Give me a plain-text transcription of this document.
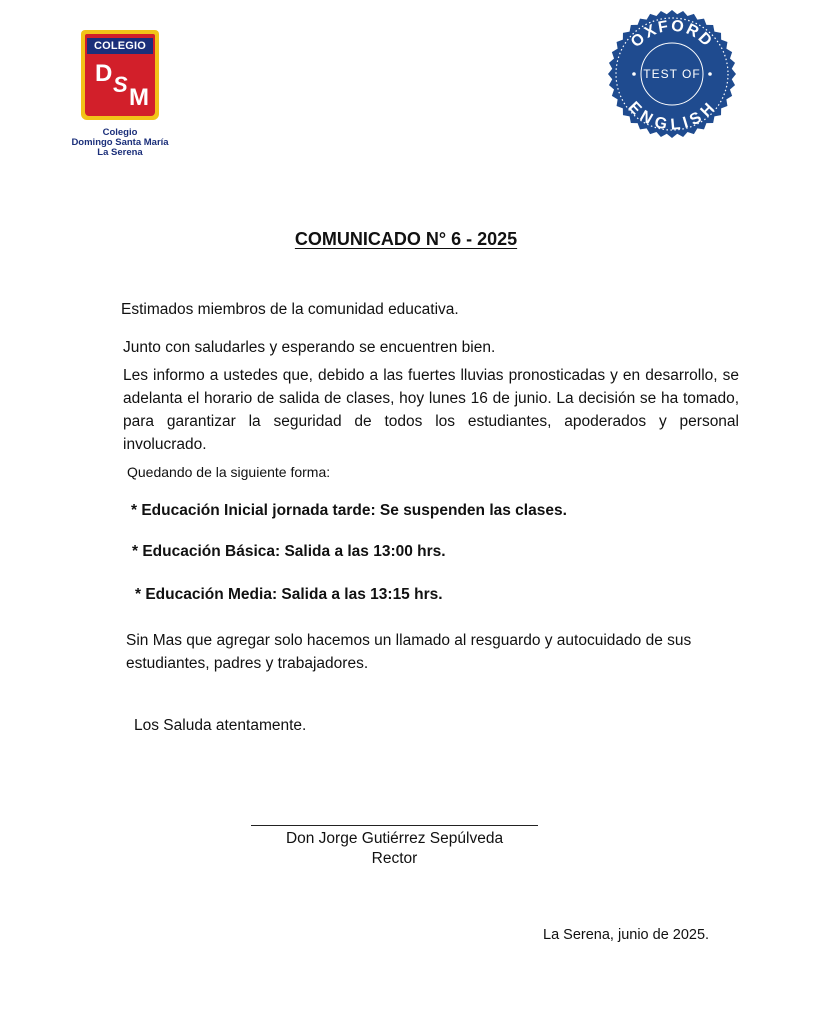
COLEGIO
D S M
Colegio
Domingo Santa María
La Serena
OXFORD
TEST OF
ENGLISH
COMUNICADO N° 6 - 2025
Estimados miembros de la comunidad educativa.
Junto con saludarles y esperando se encuentren bien.
Les informo a ustedes que, debido a las fuertes lluvias pronosticadas y en desarrollo, se adelanta el horario de salida de clases, hoy lunes 16 de junio. La decisión se ha tomado, para garantizar la seguridad de todos los estudiantes, apoderados y personal involucrado.
Quedando de la siguiente forma:
* Educación Inicial jornada tarde: Se suspenden las clases.
* Educación Básica: Salida a las 13:00 hrs.
* Educación Media: Salida a las 13:15 hrs.
Sin Mas que agregar solo hacemos un llamado al resguardo y autocuidado de sus estudiantes, padres y trabajadores.
Los Saluda atentamente.
Don Jorge Gutiérrez Sepúlveda
Rector
La Serena, junio de 2025.
